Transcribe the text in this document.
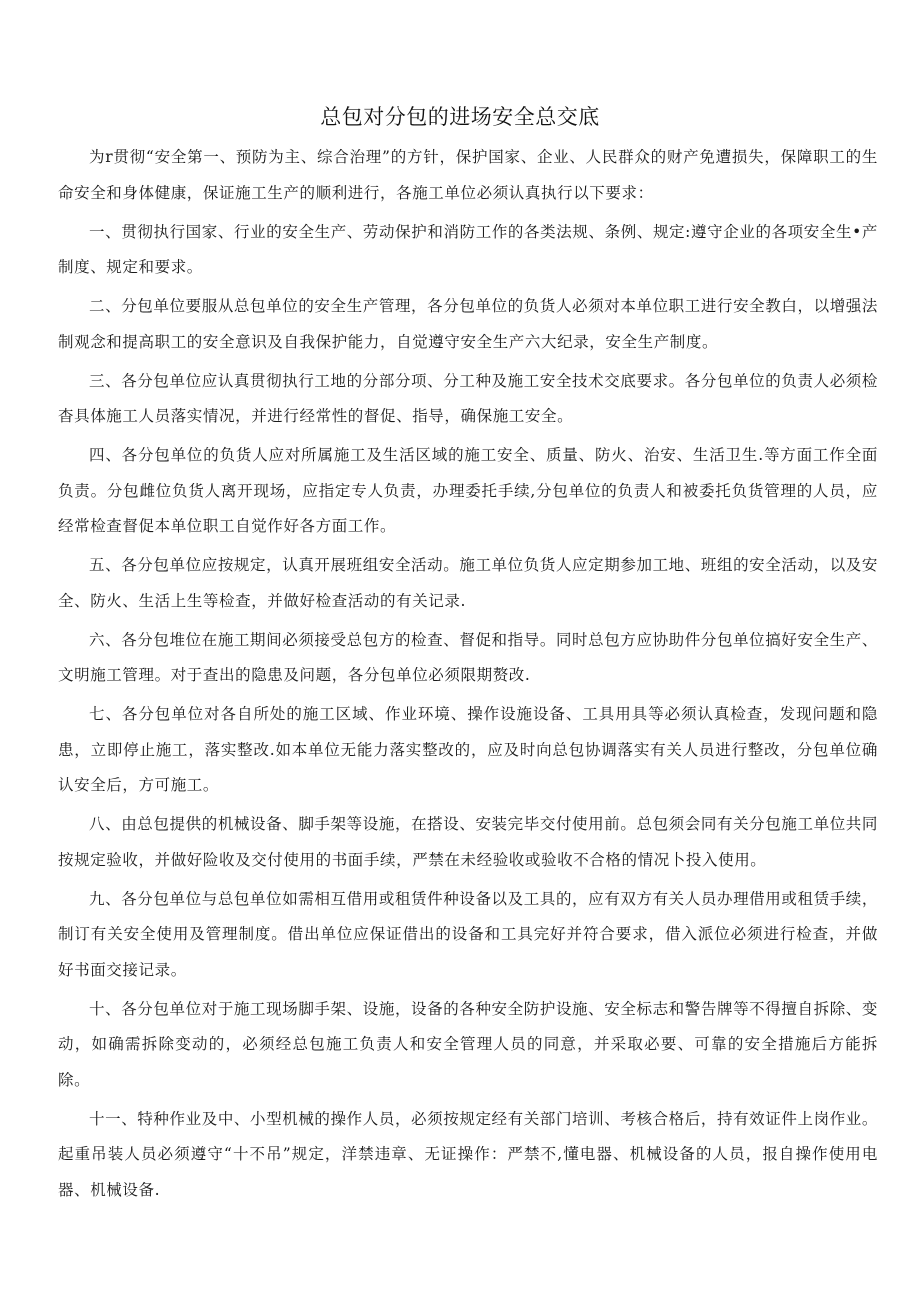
总包对分包的进场安全总交底

为r贯彻“安全第一、预防为主、综合治理”的方针，保护国家、企业、人民群众的财产免遭损失，保障职工的生命安全和身体健康，保证施工生产的顺利进行，各施工单位必须认真执行以下要求：

一、贯彻执行国家、行业的安全生产、劳动保护和消防工作的各类法规、条例、规定:遵守企业的各项安全生•产制度、规定和要求。

二、分包单位要服从总包单位的安全生产管理，各分包单位的负货人必须对本单位职工进行安全教白，以增强法制观念和提高职工的安全意识及自我保护能力，自觉遵守安全生产六大纪录，安全生产制度。

三、各分包单位应认真贯彻执行工地的分部分项、分工种及施工安全技术交底要求。各分包单位的负责人必须检杳具体施工人员落实情况，并进行经常性的督促、指导，确保施工安全。

四、各分包单位的负货人应对所属施工及生活区域的施工安全、质量、防火、治安、生活卫生.等方面工作全面负责。分包雌位负货人离开现场，应指定专人负责，办理委托手续,分包单位的负责人和被委托负货管理的人员，应经常检查督促本单位职工自觉作好各方面工作。

五、各分包单位应按规定，认真开展班组安全活动。施工单位负货人应定期参加工地、班组的安全活动，以及安全、防火、生活上生等检查，并做好检查活动的有关记录.

六、各分包堆位在施工期间必须接受总包方的检查、督促和指导。同时总包方应协助件分包单位搞好安全生产、文明施工管理。对于查出的隐患及问题，各分包单位必须限期赘改.

七、各分包单位对各自所处的施工区域、作业环境、操作设施设备、工具用具等必须认真检查，发现问题和隐患，立即停止施工，落实整改.如本单位无能力落实整改的，应及时向总包协调落实有关人员进行整改，分包单位确认安全后，方可施工。

八、由总包提供的机械设备、脚手架等设施，在搭设、安装完毕交付使用前。总包须会同有关分包施工单位共同按规定验收，并做好险收及交付使用的书面手续，严禁在未经验收或验收不合格的情况卜投入使用。

九、各分包单位与总包单位如需相互借用或租赁件种设备以及工具的，应有双方有关人员办理借用或租赁手续，制订有关安全使用及管理制度。借出单位应保证借出的设备和工具完好并符合要求，借入派位必须进行检查，并做好书面交接记录。

十、各分包单位对于施工现场脚手架、设施，设备的各种安全防护设施、安全标志和警告牌等不得擅自拆除、变动，如确需拆除变动的，必须经总包施工负责人和安全管理人员的同意，并采取必要、可靠的安全措施后方能拆除。

十一、特种作业及中、小型机械的操作人员，必须按规定经有关部门培训、考核合格后，持有效证件上岗作业。起重吊装人员必须遵守“十不吊”规定，洋禁违章、无证操作：严禁不,懂电器、机械设备的人员，报自操作使用电器、机械设备.
